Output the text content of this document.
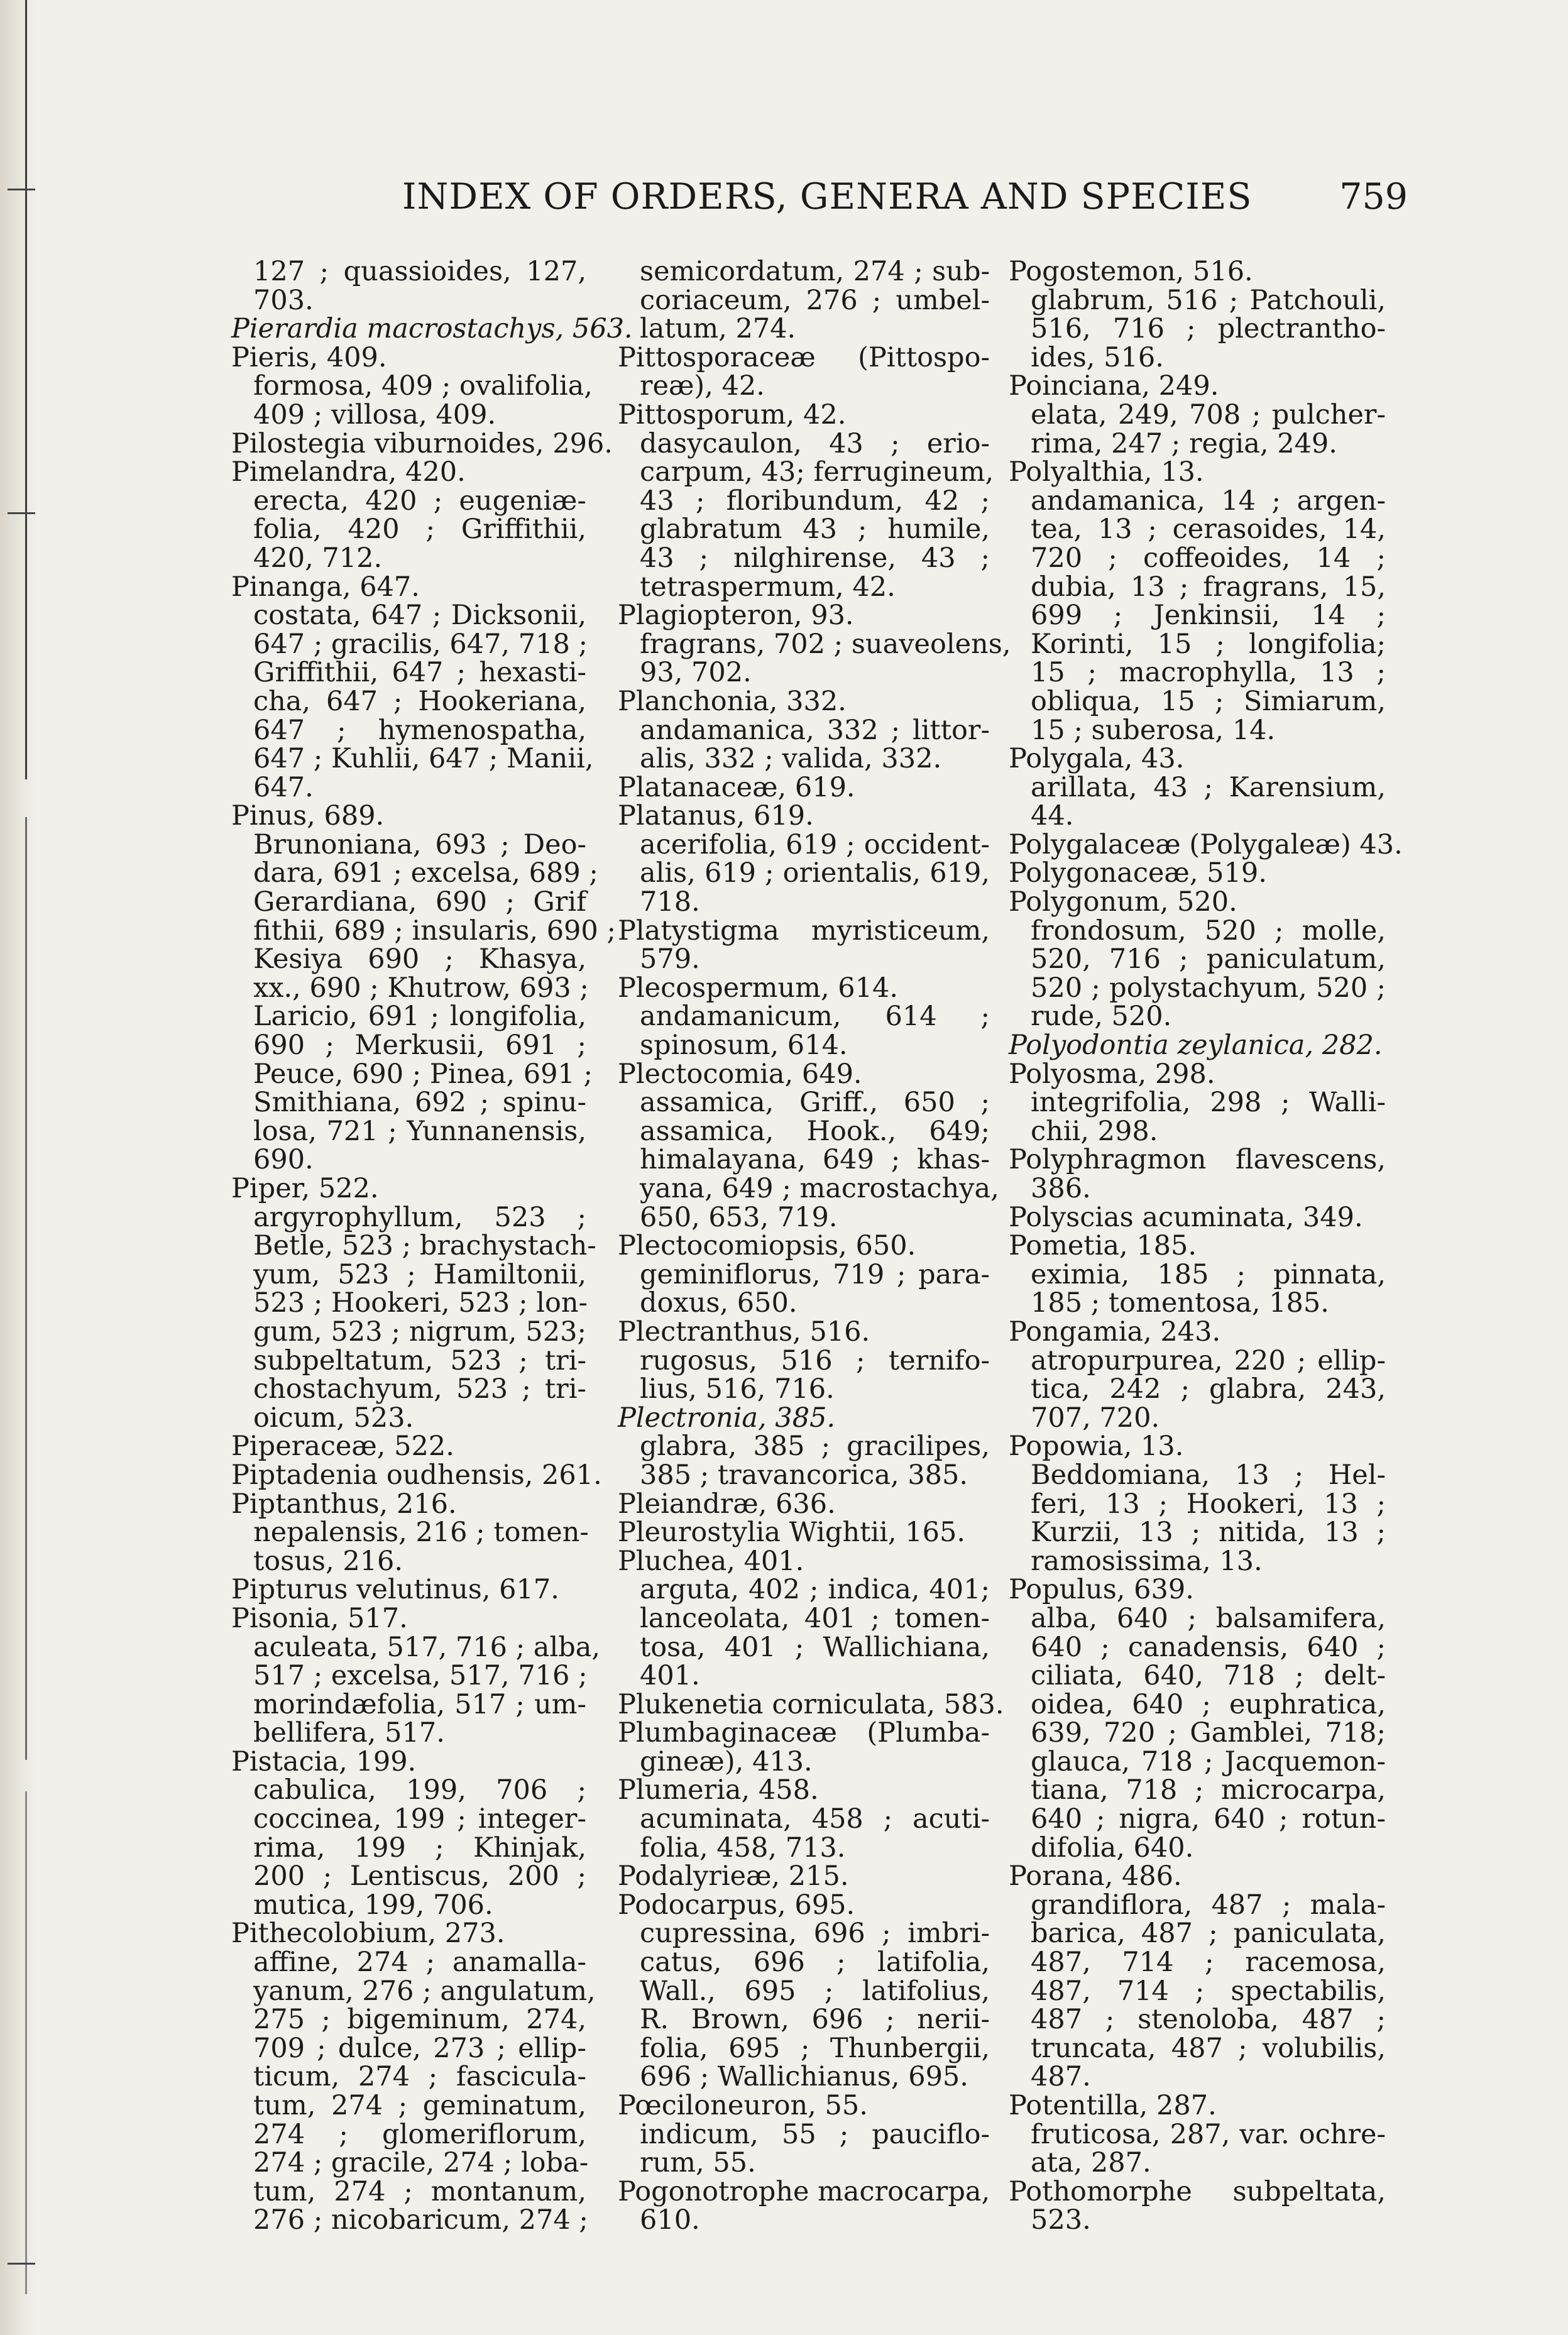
INDEX OF ORDERS, GENERA AND SPECIES	759
127 ; quassioides, 127,
703.
Pierardia macrostachys, 563.
Pieris, 409.
formosa, 409 ; ovalifolia,
409 ; villosa, 409.
Pilostegia viburnoides, 296.
Pimelandra, 420.
erecta, 420 ; eugeniæ-
folia, 420 ; Griffithii,
420, 712.
Pinanga, 647.
costata, 647 ; Dicksonii,
647 ; gracilis, 647, 718 ;
Griffithii, 647 ; hexasti-
cha, 647 ; Hookeriana,
647 ; hymenospatha,
647 ; Kuhlii, 647 ; Manii,
647.
Pinus, 689.
Brunoniana, 693 ; Deo-
dara, 691 ; excelsa, 689 ;
Gerardiana, 690 ; Grif
fithii, 689 ; insularis, 690 ;
Kesiya 690 ; Khasya,
xx., 690 ; Khutrow, 693 ;
Laricio, 691 ; longifolia,
690 ; Merkusii, 691 ;
Peuce, 690 ; Pinea, 691 ;
Smithiana, 692 ; spinu-
losa, 721 ; Yunnanensis,
690.
Piper, 522.
argyrophyllum, 523 ;
Betle, 523 ; brachystach-
yum, 523 ; Hamiltonii,
523 ; Hookeri, 523 ; lon-
gum, 523 ; nigrum, 523;
subpeltatum, 523 ; tri-
chostachyum, 523 ; tri-
oicum, 523.
Piperaceæ, 522.
Piptadenia oudhensis, 261.
Piptanthus, 216.
nepalensis, 216 ; tomen-
tosus, 216.
Pipturus velutinus, 617.
Pisonia, 517.
aculeata, 517, 716 ; alba,
517 ; excelsa, 517, 716 ;
morindæfolia, 517 ; um-
bellifera, 517.
Pistacia, 199.
cabulica, 199, 706 ;
coccinea, 199 ; integer-
rima, 199 ; Khinjak,
200 ; Lentiscus, 200 ;
mutica, 199, 706.
Pithecolobium, 273.
affine, 274 ; anamalla-
yanum, 276 ; angulatum,
275 ; bigeminum, 274,
709 ; dulce, 273 ; ellip-
ticum, 274 ; fascicula-
tum, 274 ; geminatum,
274 ; glomeriflorum,
274 ; gracile, 274 ; loba-
tum, 274 ; montanum,
276 ; nicobaricum, 274 ;
semicordatum, 274 ; sub-
coriaceum, 276 ; umbel-
latum, 274.
Pittosporaceæ (Pittospo-
reæ), 42.
Pittosporum, 42.
dasycaulon, 43 ; erio-
carpum, 43; ferrugineum,
43 ; floribundum, 42 ;
glabratum 43 ; humile,
43 ; nilghirense, 43 ;
tetraspermum, 42.
Plagiopteron, 93.
fragrans, 702 ; suaveolens,
93, 702.
Planchonia, 332.
andamanica, 332 ; littor-
alis, 332 ; valida, 332.
Platanaceæ, 619.
Platanus, 619.
acerifolia, 619 ; occident-
alis, 619 ; orientalis, 619,
718.
Platystigma myristiceum,
579.
Plecospermum, 614.
andamanicum, 614 ;
spinosum, 614.
Plectocomia, 649.
assamica, Griff., 650 ;
assamica, Hook., 649;
himalayana, 649 ; khas-
yana, 649 ; macrostachya,
650, 653, 719.
Plectocomiopsis, 650.
geminiflorus, 719 ; para-
doxus, 650.
Plectranthus, 516.
rugosus, 516 ; ternifo-
lius, 516, 716.
Plectronia, 385.
glabra, 385 ; gracilipes,
385 ; travancorica, 385.
Pleiandræ, 636.
Pleurostylia Wightii, 165.
Pluchea, 401.
arguta, 402 ; indica, 401;
lanceolata, 401 ; tomen-
tosa, 401 ; Wallichiana,
401.
Plukenetia corniculata, 583.
Plumbaginaceæ (Plumba-
gineæ), 413.
Plumeria, 458.
acuminata, 458 ; acuti-
folia, 458, 713.
Podalyrieæ, 215.
Podocarpus, 695.
cupressina, 696 ; imbri-
catus, 696 ; latifolia,
Wall., 695 ; latifolius,
R. Brown, 696 ; nerii-
folia, 695 ; Thunbergii,
696 ; Wallichianus, 695.
Pœciloneuron, 55.
indicum, 55 ; pauciflo-
rum, 55.
Pogonotrophe macrocarpa,
610.
Pogostemon, 516.
glabrum, 516 ; Patchouli,
516, 716 ; plectrantho-
ides, 516.
Poinciana, 249.
elata, 249, 708 ; pulcher-
rima, 247 ; regia, 249.
Polyalthia, 13.
andamanica, 14 ; argen-
tea, 13 ; cerasoides, 14,
720 ; coffeoides, 14 ;
dubia, 13 ; fragrans, 15,
699 ; Jenkinsii, 14 ;
Korinti, 15 ; longifolia;
15 ; macrophylla, 13 ;
obliqua, 15 ; Simiarum,
15 ; suberosa, 14.
Polygala, 43.
arillata, 43 ; Karensium,
44.
Polygalaceæ (Polygaleæ) 43.
Polygonaceæ, 519.
Polygonum, 520.
frondosum, 520 ; molle,
520, 716 ; paniculatum,
520 ; polystachyum, 520 ;
rude, 520.
Polyodontia zeylanica, 282.
Polyosma, 298.
integrifolia, 298 ; Walli-
chii, 298.
Polyphragmon flavescens,
386.
Polyscias acuminata, 349.
Pometia, 185.
eximia, 185 ; pinnata,
185 ; tomentosa, 185.
Pongamia, 243.
atropurpurea, 220 ; ellip-
tica, 242 ; glabra, 243,
707, 720.
Popowia, 13.
Beddomiana, 13 ; Hel-
feri, 13 ; Hookeri, 13 ;
Kurzii, 13 ; nitida, 13 ;
ramosissima, 13.
Populus, 639.
alba, 640 ; balsamifera,
640 ; canadensis, 640 ;
ciliata, 640, 718 ; delt-
oidea, 640 ; euphratica,
639, 720 ; Gamblei, 718;
glauca, 718 ; Jacquemon-
tiana, 718 ; microcarpa,
640 ; nigra, 640 ; rotun-
difolia, 640.
Porana, 486.
grandiflora, 487 ; mala-
barica, 487 ; paniculata,
487, 714 ; racemosa,
487, 714 ; spectabilis,
487 ; stenoloba, 487 ;
truncata, 487 ; volubilis,
487.
Potentilla, 287.
fruticosa, 287, var. ochre-
ata, 287.
Pothomorphe subpeltata,
523.
